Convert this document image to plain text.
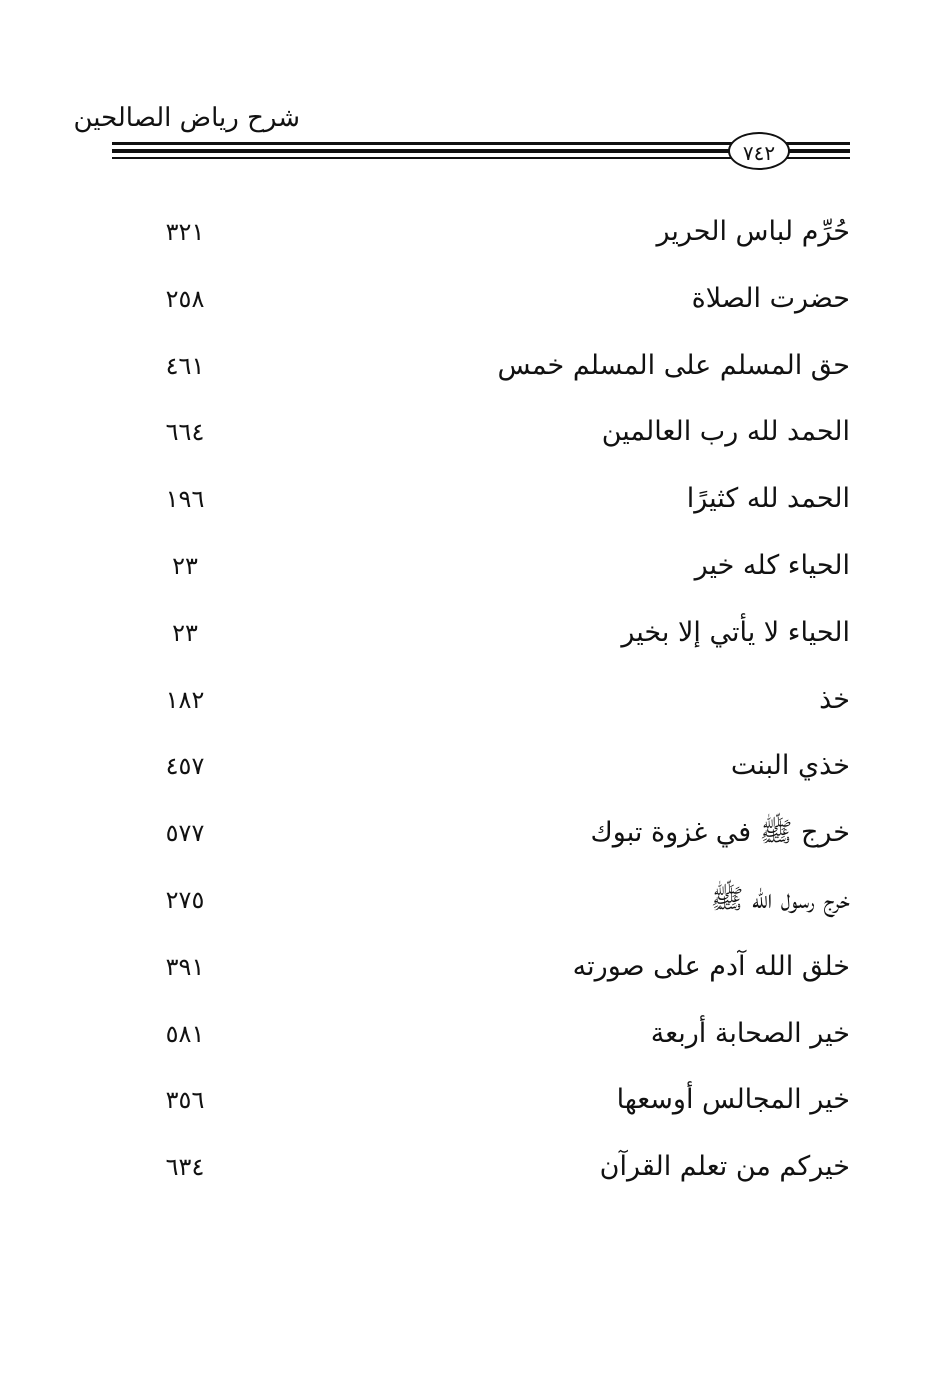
شرح رياض الصالحين
٧٤٢
حُرِّم لباس الحرير
٣٢١
حضرت الصلاة
٢٥٨
حق المسلم على المسلم خمس
٤٦١
الحمد لله رب العالمين
٦٦٤
الحمد لله كثيرًا
١٩٦
الحياء كله خير
٢٣
الحياء لا يأتي إلا بخير
٢٣
خذ
١٨٢
خذي البنت
٤٥٧
خرج ﷺ في غزوة تبوك
٥٧٧
خرج رسول الله ﷺ
٢٧٥
خلق الله آدم على صورته
٣٩١
خير الصحابة أربعة
٥٨١
خير المجالس أوسعها
٣٥٦
خيركم من تعلم القرآن
٦٣٤
